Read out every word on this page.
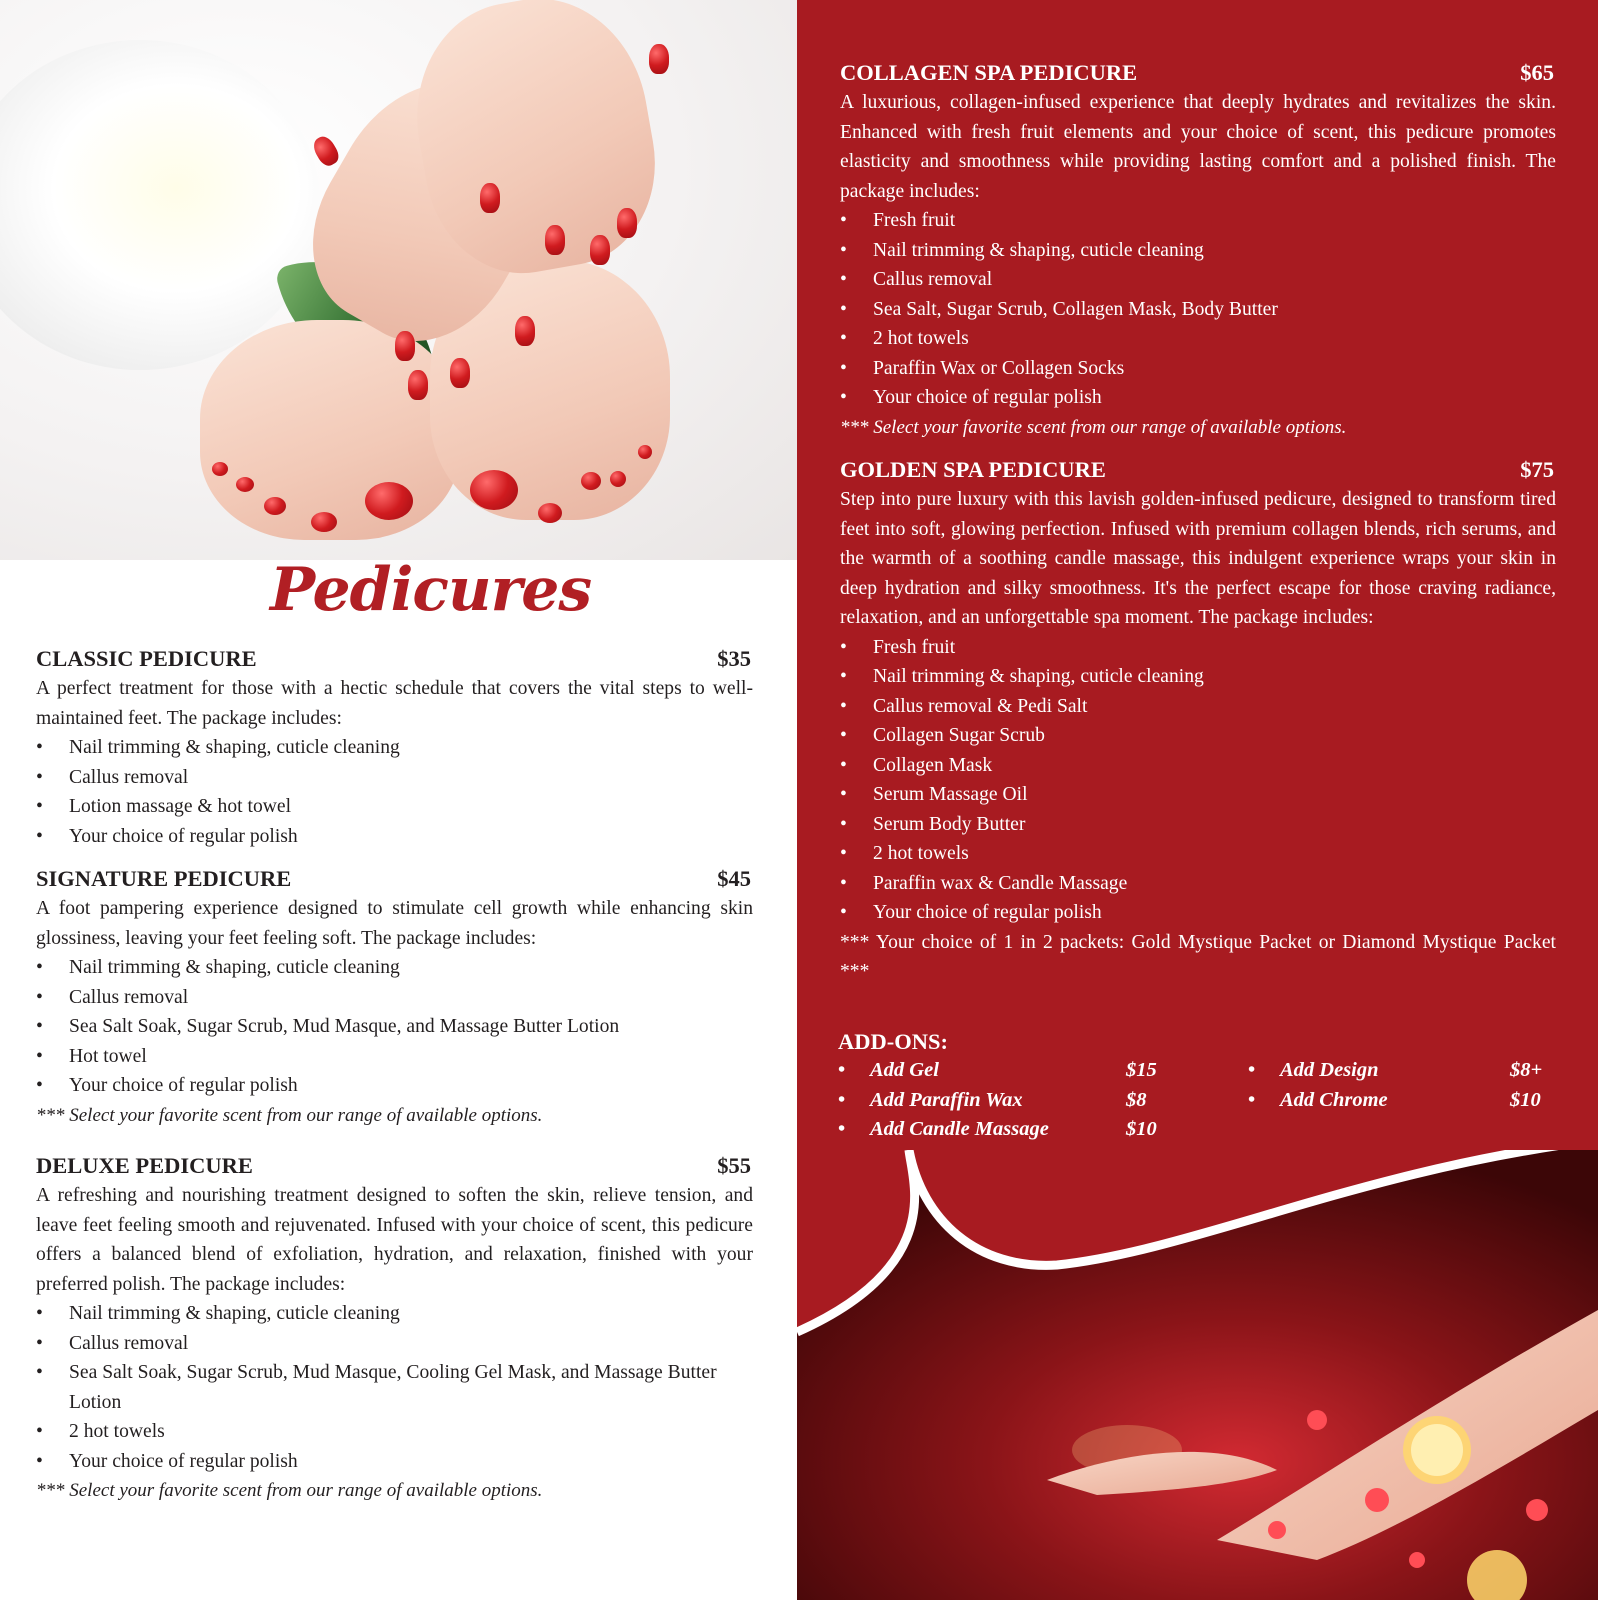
Pedicures
CLASSIC PEDICURE	$35

A perfect treatment for those with a hectic schedule that covers the vital steps to well-maintained feet. The package includes:

• Nail trimming & shaping, cuticle cleaning
• Callus removal
• Lotion massage & hot towel
• Your choice of regular polish
SIGNATURE PEDICURE	$45

A foot pampering experience designed to stimulate cell growth while enhancing skin glossiness, leaving your feet feeling soft. The package includes:

• Nail trimming & shaping, cuticle cleaning
• Callus removal
• Sea Salt Soak, Sugar Scrub, Mud Masque, and Massage Butter Lotion
• Hot towel
• Your choice of regular polish
*** Select your favorite scent from our range of available options.
DELUXE PEDICURE	$55

A refreshing and nourishing treatment designed to soften the skin, relieve tension, and leave feet feeling smooth and rejuvenated. Infused with your choice of scent, this pedicure offers a balanced blend of exfoliation, hydration, and relaxation, finished with your preferred polish. The package includes:

• Nail trimming & shaping, cuticle cleaning
• Callus removal
• Sea Salt Soak, Sugar Scrub, Mud Masque, Cooling Gel Mask, and Massage Butter Lotion
• 2 hot towels
• Your choice of regular polish
*** Select your favorite scent from our range of available options.
COLLAGEN SPA PEDICURE	$65

A luxurious, collagen-infused experience that deeply hydrates and revitalizes the skin. Enhanced with fresh fruit elements and your choice of scent, this pedicure promotes elasticity and smoothness while providing lasting comfort and a polished finish. The package includes:

• Fresh fruit
• Nail trimming & shaping, cuticle cleaning
• Callus removal
• Sea Salt, Sugar Scrub, Collagen Mask, Body Butter
• 2 hot towels
• Paraffin Wax or Collagen Socks
• Your choice of regular polish
*** Select your favorite scent from our range of available options.
GOLDEN SPA PEDICURE	$75

Step into pure luxury with this lavish golden-infused pedicure, designed to transform tired feet into soft, glowing perfection. Infused with premium collagen blends, rich serums, and the warmth of a soothing candle massage, this indulgent experience wraps your skin in deep hydration and silky smoothness. It's the perfect escape for those craving radiance, relaxation, and an unforgettable spa moment. The package includes:

• Fresh fruit
• Nail trimming & shaping, cuticle cleaning
• Callus removal & Pedi Salt
• Collagen Sugar Scrub
• Collagen Mask
• Serum Massage Oil
• Serum Body Butter
• 2 hot towels
• Paraffin wax & Candle Massage
• Your choice of regular polish

*** Your choice of 1 in 2 packets: Gold Mystique Packet or Diamond Mystique Packet ***

ADD-ONS:
• Add Gel	$15
• Add Paraffin Wax	$8
• Add Candle Massage	$10
• Add Design	$8+
• Add Chrome	$10
